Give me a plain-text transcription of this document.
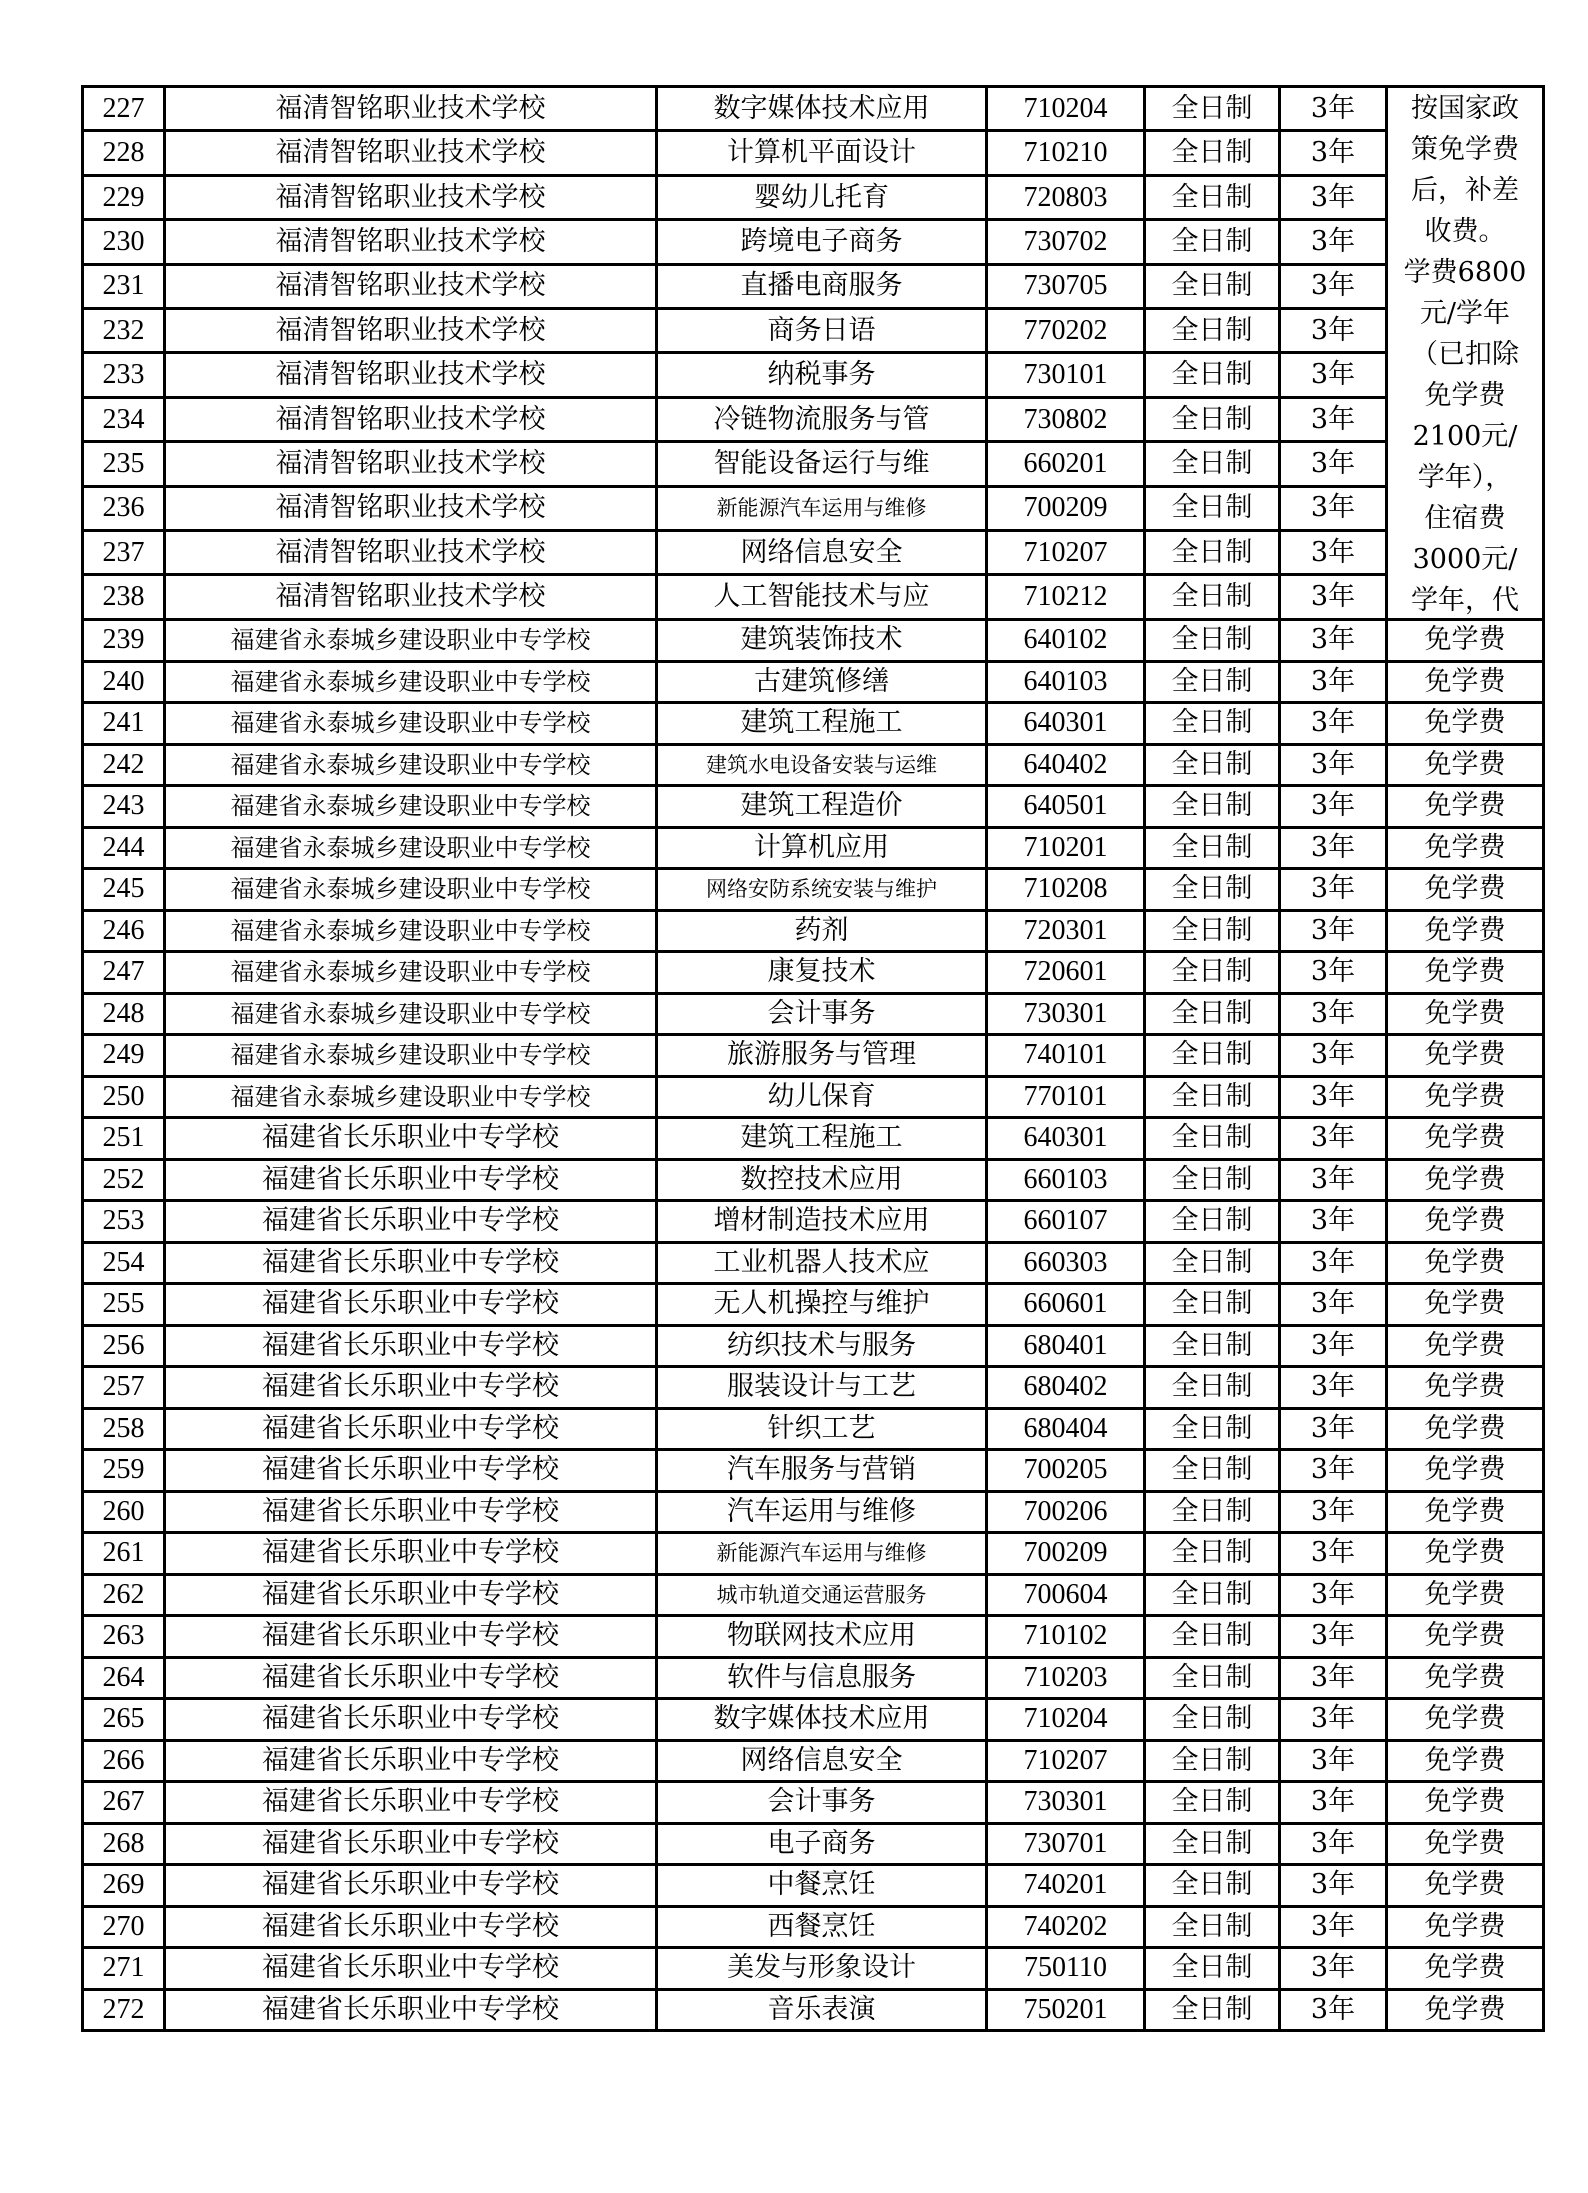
227	福清智铭职业技术学校	数字媒体技术应用	710204	全日制	3年	按国家政
策免学费
后，补差
收费。
学费6800
元/学年
（已扣除
免学费
2100元/
学年），
住宿费
3000元/
学年，代

228	福清智铭职业技术学校	计算机平面设计	710210	全日制	3年	
229	福清智铭职业技术学校	婴幼儿托育	720803	全日制	3年	
230	福清智铭职业技术学校	跨境电子商务	730702	全日制	3年	
231	福清智铭职业技术学校	直播电商服务	730705	全日制	3年	
232	福清智铭职业技术学校	商务日语	770202	全日制	3年	
233	福清智铭职业技术学校	纳税事务	730101	全日制	3年	
234	福清智铭职业技术学校	冷链物流服务与管	730802	全日制	3年	
235	福清智铭职业技术学校	智能设备运行与维	660201	全日制	3年	
236	福清智铭职业技术学校	新能源汽车运用与维修	700209	全日制	3年	
237	福清智铭职业技术学校	网络信息安全	710207	全日制	3年	
238	福清智铭职业技术学校	人工智能技术与应	710212	全日制	3年	
239	福建省永泰城乡建设职业中专学校	建筑装饰技术	640102	全日制	3年	免学费
240	福建省永泰城乡建设职业中专学校	古建筑修缮	640103	全日制	3年	免学费
241	福建省永泰城乡建设职业中专学校	建筑工程施工	640301	全日制	3年	免学费
242	福建省永泰城乡建设职业中专学校	建筑水电设备安装与运维	640402	全日制	3年	免学费
243	福建省永泰城乡建设职业中专学校	建筑工程造价	640501	全日制	3年	免学费
244	福建省永泰城乡建设职业中专学校	计算机应用	710201	全日制	3年	免学费
245	福建省永泰城乡建设职业中专学校	网络安防系统安装与维护	710208	全日制	3年	免学费
246	福建省永泰城乡建设职业中专学校	药剂	720301	全日制	3年	免学费
247	福建省永泰城乡建设职业中专学校	康复技术	720601	全日制	3年	免学费
248	福建省永泰城乡建设职业中专学校	会计事务	730301	全日制	3年	免学费
249	福建省永泰城乡建设职业中专学校	旅游服务与管理	740101	全日制	3年	免学费
250	福建省永泰城乡建设职业中专学校	幼儿保育	770101	全日制	3年	免学费
251	福建省长乐职业中专学校	建筑工程施工	640301	全日制	3年	免学费
252	福建省长乐职业中专学校	数控技术应用	660103	全日制	3年	免学费
253	福建省长乐职业中专学校	增材制造技术应用	660107	全日制	3年	免学费
254	福建省长乐职业中专学校	工业机器人技术应	660303	全日制	3年	免学费
255	福建省长乐职业中专学校	无人机操控与维护	660601	全日制	3年	免学费
256	福建省长乐职业中专学校	纺织技术与服务	680401	全日制	3年	免学费
257	福建省长乐职业中专学校	服装设计与工艺	680402	全日制	3年	免学费
258	福建省长乐职业中专学校	针织工艺	680404	全日制	3年	免学费
259	福建省长乐职业中专学校	汽车服务与营销	700205	全日制	3年	免学费
260	福建省长乐职业中专学校	汽车运用与维修	700206	全日制	3年	免学费
261	福建省长乐职业中专学校	新能源汽车运用与维修	700209	全日制	3年	免学费
262	福建省长乐职业中专学校	城市轨道交通运营服务	700604	全日制	3年	免学费
263	福建省长乐职业中专学校	物联网技术应用	710102	全日制	3年	免学费
264	福建省长乐职业中专学校	软件与信息服务	710203	全日制	3年	免学费
265	福建省长乐职业中专学校	数字媒体技术应用	710204	全日制	3年	免学费
266	福建省长乐职业中专学校	网络信息安全	710207	全日制	3年	免学费
267	福建省长乐职业中专学校	会计事务	730301	全日制	3年	免学费
268	福建省长乐职业中专学校	电子商务	730701	全日制	3年	免学费
269	福建省长乐职业中专学校	中餐烹饪	740201	全日制	3年	免学费
270	福建省长乐职业中专学校	西餐烹饪	740202	全日制	3年	免学费
271	福建省长乐职业中专学校	美发与形象设计	750110	全日制	3年	免学费
272	福建省长乐职业中专学校	音乐表演	750201	全日制	3年	免学费
